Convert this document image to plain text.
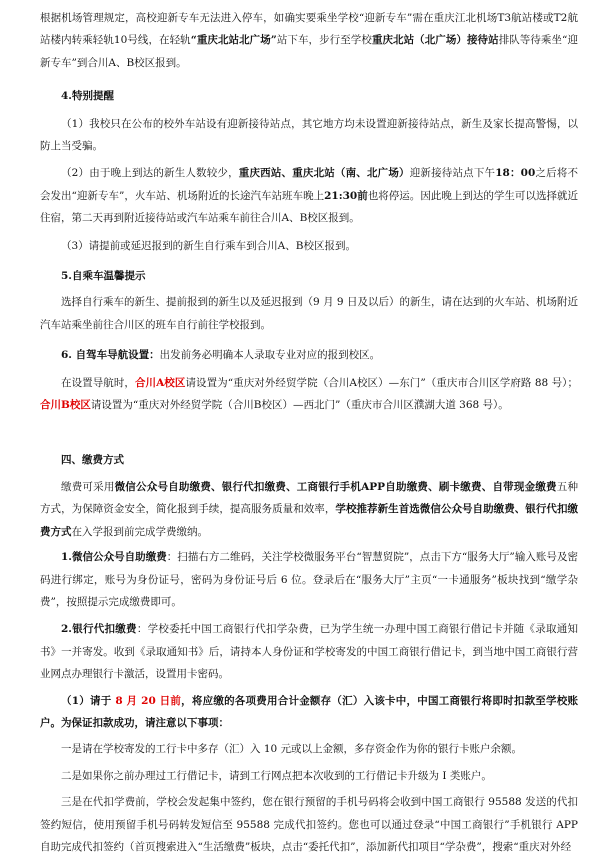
根据机场管理规定，高校迎新专车无法进入停车，如确实要乘坐学校“迎新专车”需在重庆江北机场T3航站楼或T2航站楼内转乘轻轨10号线，在轻轨“重庆北站北广场”站下车，步行至学校重庆北站（北广场）接待站排队等待乘坐“迎新专车”到合川A、B校区报到。

4.特别提醒

（1）我校只在公布的校外车站设有迎新接待站点，其它地方均未设置迎新接待站点，新生及家长提高警惕，以防上当受骗。

（2）由于晚上到达的新生人数较少，重庆西站、重庆北站（南、北广场）迎新接待站点下午18：00之后将不会发出“迎新专车”，火车站、机场附近的长途汽车站班车晚上21:30前也将停运。因此晚上到达的学生可以选择就近住宿，第二天再到附近接待站或汽车站乘车前往合川A、B校区报到。

（3）请提前或延迟报到的新生自行乘车到合川A、B校区报到。

5.自乘车温馨提示

选择自行乘车的新生、提前报到的新生以及延迟报到（9 月 9 日及以后）的新生，请在达到的火车站、机场附近汽车站乘坐前往合川区的班车自行前往学校报到。

6. 自驾车导航设置：出发前务必明确本人录取专业对应的报到校区。

在设置导航时，合川A校区请设置为“重庆对外经贸学院（合川A校区）—东门”（重庆市合川区学府路 88 号）；合川B校区请设置为“重庆对外经贸学院（合川B校区）—西北门”（重庆市合川区濮湖大道 368 号）。

四、缴费方式

缴费可采用微信公众号自助缴费、银行代扣缴费、工商银行手机APP自助缴费、刷卡缴费、自带现金缴费五种方式，为保障资金安全，简化报到手续，提高服务质量和效率，学校推荐新生首选微信公众号自助缴费、银行代扣缴费方式在入学报到前完成学费缴纳。

1.微信公众号自助缴费：扫描右方二维码，关注学校微服务平台“智慧贸院”，点击下方“服务大厅”输入账号及密码进行绑定，账号为身份证号，密码为身份证号后 6 位。登录后在“服务大厅”主页“一卡通服务”板块找到“缴学杂费”，按照提示完成缴费即可。

2.银行代扣缴费：学校委托中国工商银行代扣学杂费，已为学生统一办理中国工商银行借记卡并随《录取通知书》一并寄发。收到《录取通知书》后，请持本人身份证和学校寄发的中国工商银行借记卡，到当地中国工商银行营业网点办理银行卡激活，设置用卡密码。

（1）请于 8 月 20 日前，将应缴的各项费用合计金额存（汇）入该卡中，中国工商银行将即时扣款至学校账户。为保证扣款成功，请注意以下事项：

一是请在学校寄发的工行卡中多存（汇）入 10 元或以上金额，多存资金作为你的银行卡账户余额。

二是如果你之前办理过工行借记卡，请到工行网点把本次收到的工行借记卡升级为 I 类账户。

三是在代扣学费前，学校会发起集中签约，您在银行预留的手机号码将会收到中国工商银行 95588 发送的代扣签约短信，使用预留手机号码转发短信至 95588 完成代扣签约。您也可以通过登录“中国工商银行”手机银行 APP 自助完成代扣签约（首页搜索进入“生活缴费”板块，点击“委托代扣”，添加新代扣项目“学杂费”，搜索“重庆对外经
